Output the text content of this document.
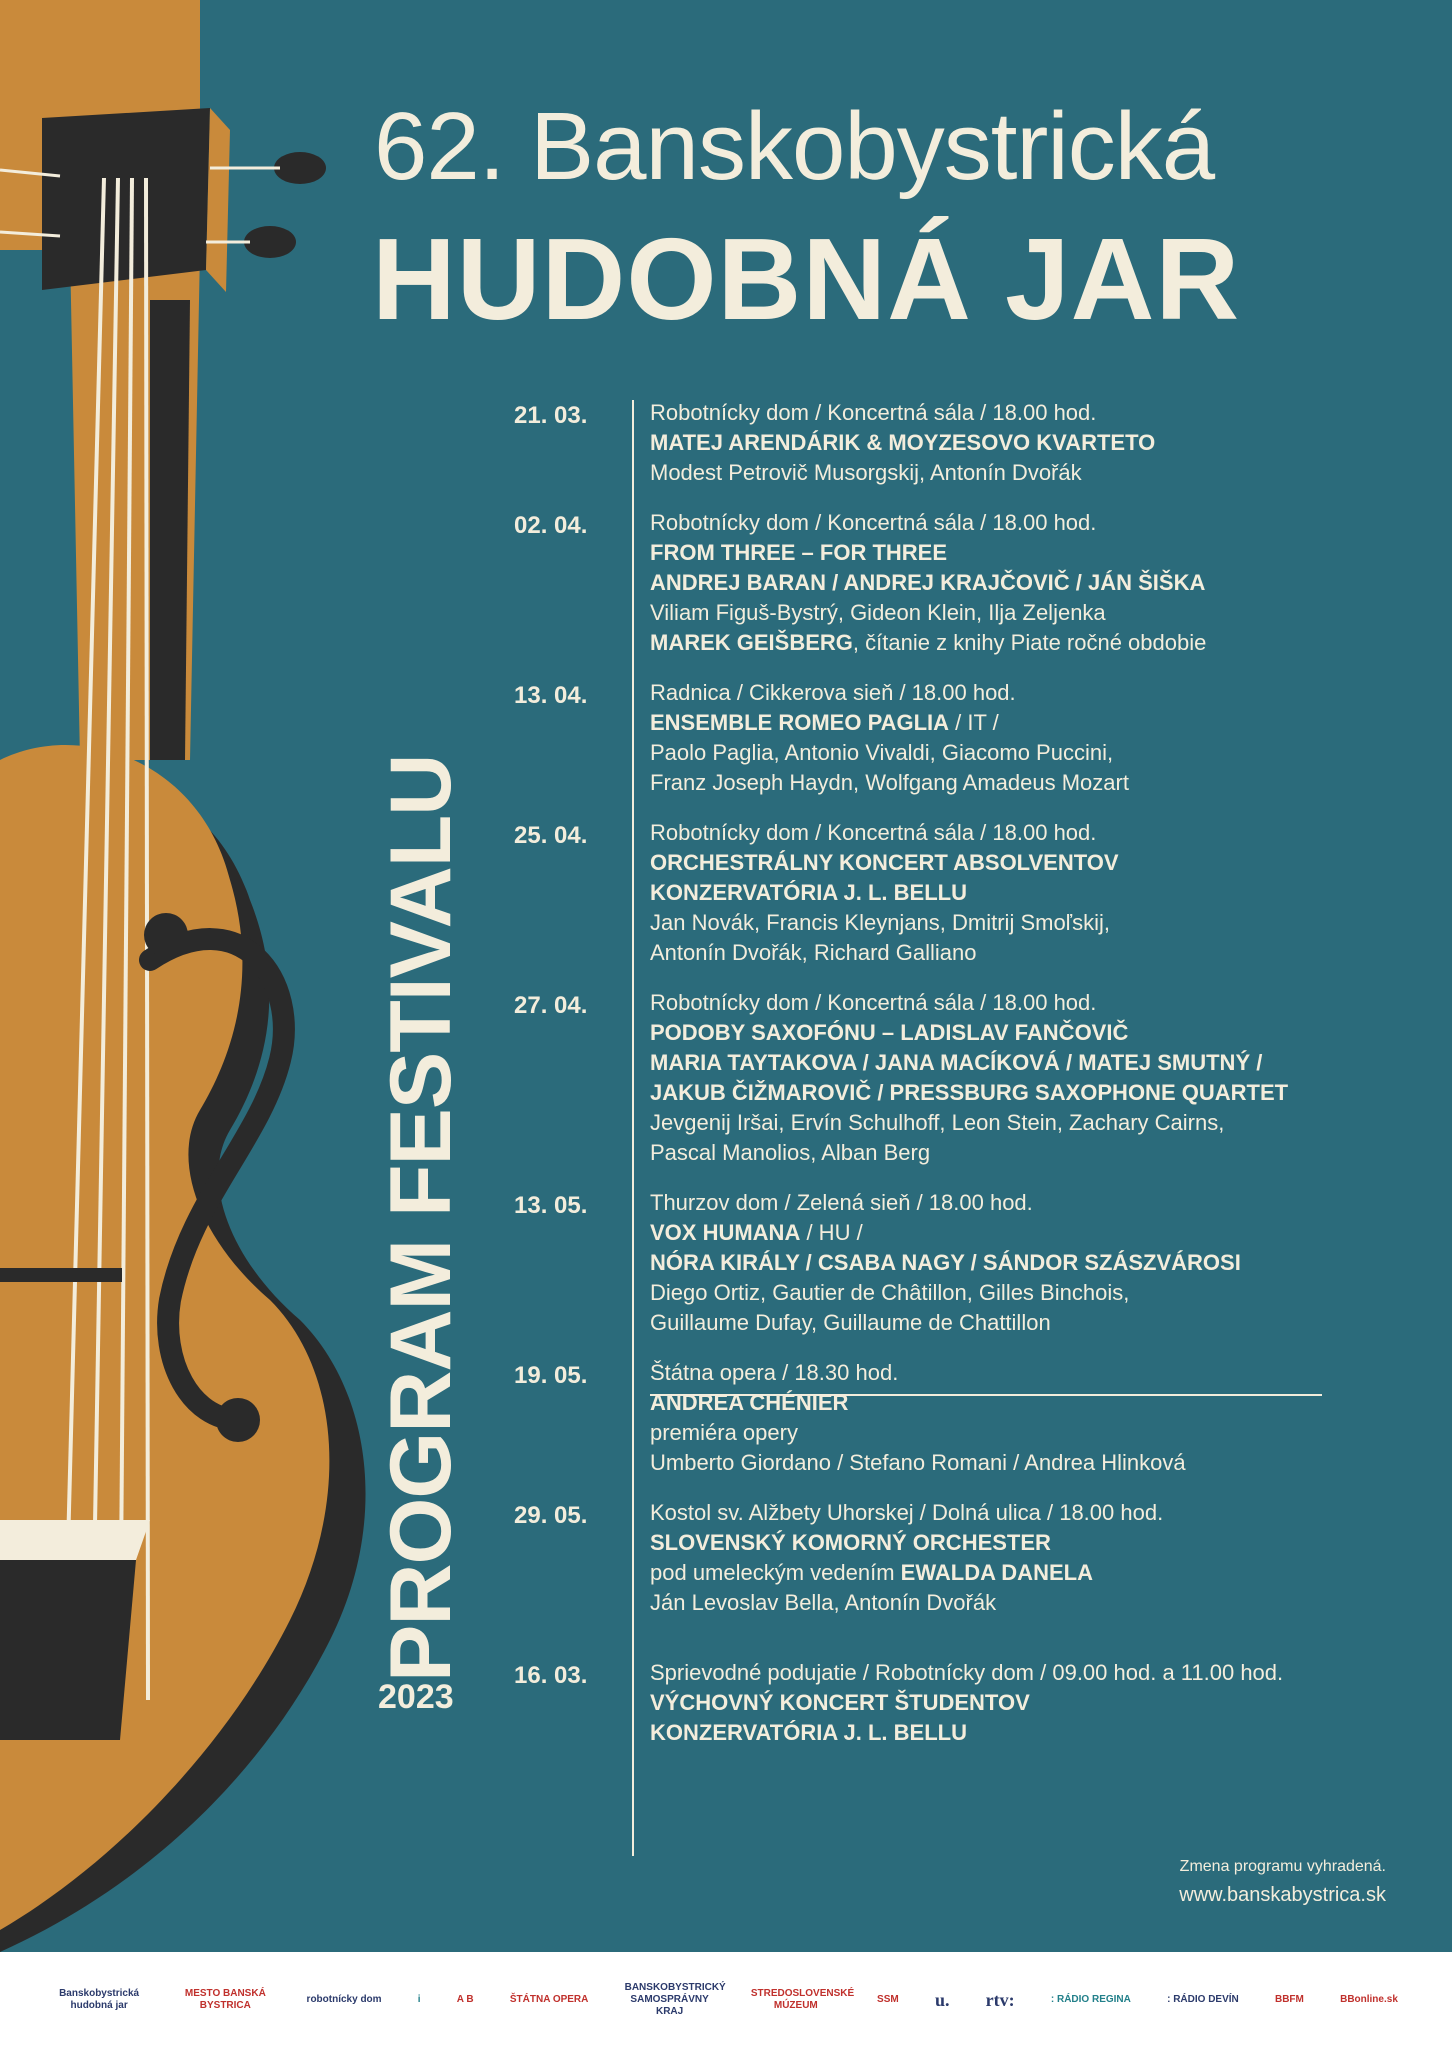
62. Banskobystrická
HUDOBNÁ JAR
PROGRAM FESTIVALU
2023
21. 03.	Robotnícky dom / Koncertná sála / 18.00 hod.
MATEJ ARENDÁRIK & MOYZESOVO KVARTETO
Modest Petrovič Musorgskij, Antonín Dvořák
02. 04.	Robotnícky dom / Koncertná sála / 18.00 hod.
FROM THREE – FOR THREE
ANDREJ BARAN / ANDREJ KRAJČOVIČ / JÁN ŠIŠKA
Viliam Figuš-Bystrý, Gideon Klein, Ilja Zeljenka
MAREK GEIŠBERG, čítanie z knihy Piate ročné obdobie
13. 04.	Radnica / Cikkerova sieň / 18.00 hod.
ENSEMBLE ROMEO PAGLIA / IT /
Paolo Paglia, Antonio Vivaldi, Giacomo Puccini,
Franz Joseph Haydn, Wolfgang Amadeus Mozart
25. 04.	Robotnícky dom / Koncertná sála / 18.00 hod.
ORCHESTRÁLNY KONCERT ABSOLVENTOV
KONZERVATÓRIA J. L. BELLU
Jan Novák, Francis Kleynjans, Dmitrij Smoľskij,
Antonín Dvořák, Richard Galliano
27. 04.	Robotnícky dom / Koncertná sála / 18.00 hod.
PODOBY SAXOFÓNU – LADISLAV FANČOVIČ
MARIA TAYTAKOVA / JANA MACÍKOVÁ / MATEJ SMUTNÝ /
JAKUB ČIŽMAROVIČ / PRESSBURG SAXOPHONE QUARTET
Jevgenij Iršai, Ervín Schulhoff, Leon Stein, Zachary Cairns,
Pascal Manolios, Alban Berg
13. 05.	Thurzov dom / Zelená sieň / 18.00 hod.
VOX HUMANA / HU /
NÓRA KIRÁLY / CSABA NAGY / SÁNDOR SZÁSZVÁROSI
Diego Ortiz, Gautier de Châtillon, Gilles Binchois,
Guillaume Dufay, Guillaume de Chattillon
19. 05.	Štátna opera / 18.30 hod.
ANDREA CHÉNIER
premiéra opery
Umberto Giordano / Stefano Romani / Andrea Hlinková
29. 05.	Kostol sv. Alžbety Uhorskej / Dolná ulica / 18.00 hod.
SLOVENSKÝ KOMORNÝ ORCHESTER
pod umeleckým vedením EWALDA DANELA
Ján Levoslav Bella, Antonín Dvořák
16. 03.	Sprievodné podujatie / Robotnícky dom / 09.00 hod. a 11.00 hod.
VÝCHOVNÝ KONCERT ŠTUDENTOV
KONZERVATÓRIA J. L. BELLU
Zmena programu vyhradená.
www.banskabystrica.sk
Banskobystrická hudobná jar
MESTO BANSKÁ BYSTRICA
robotnícky dom	i	A B	ŠTÁTNA OPERA
BANSKOBYSTRICKÝ SAMOSPRÁVNY KRAJ
STREDOSLOVENSKÉ MÚZEUM
SSM u. rtv:	: RÁDIO REGINA	: RÁDIO DEVÍN	BBFM	BBonline.sk
